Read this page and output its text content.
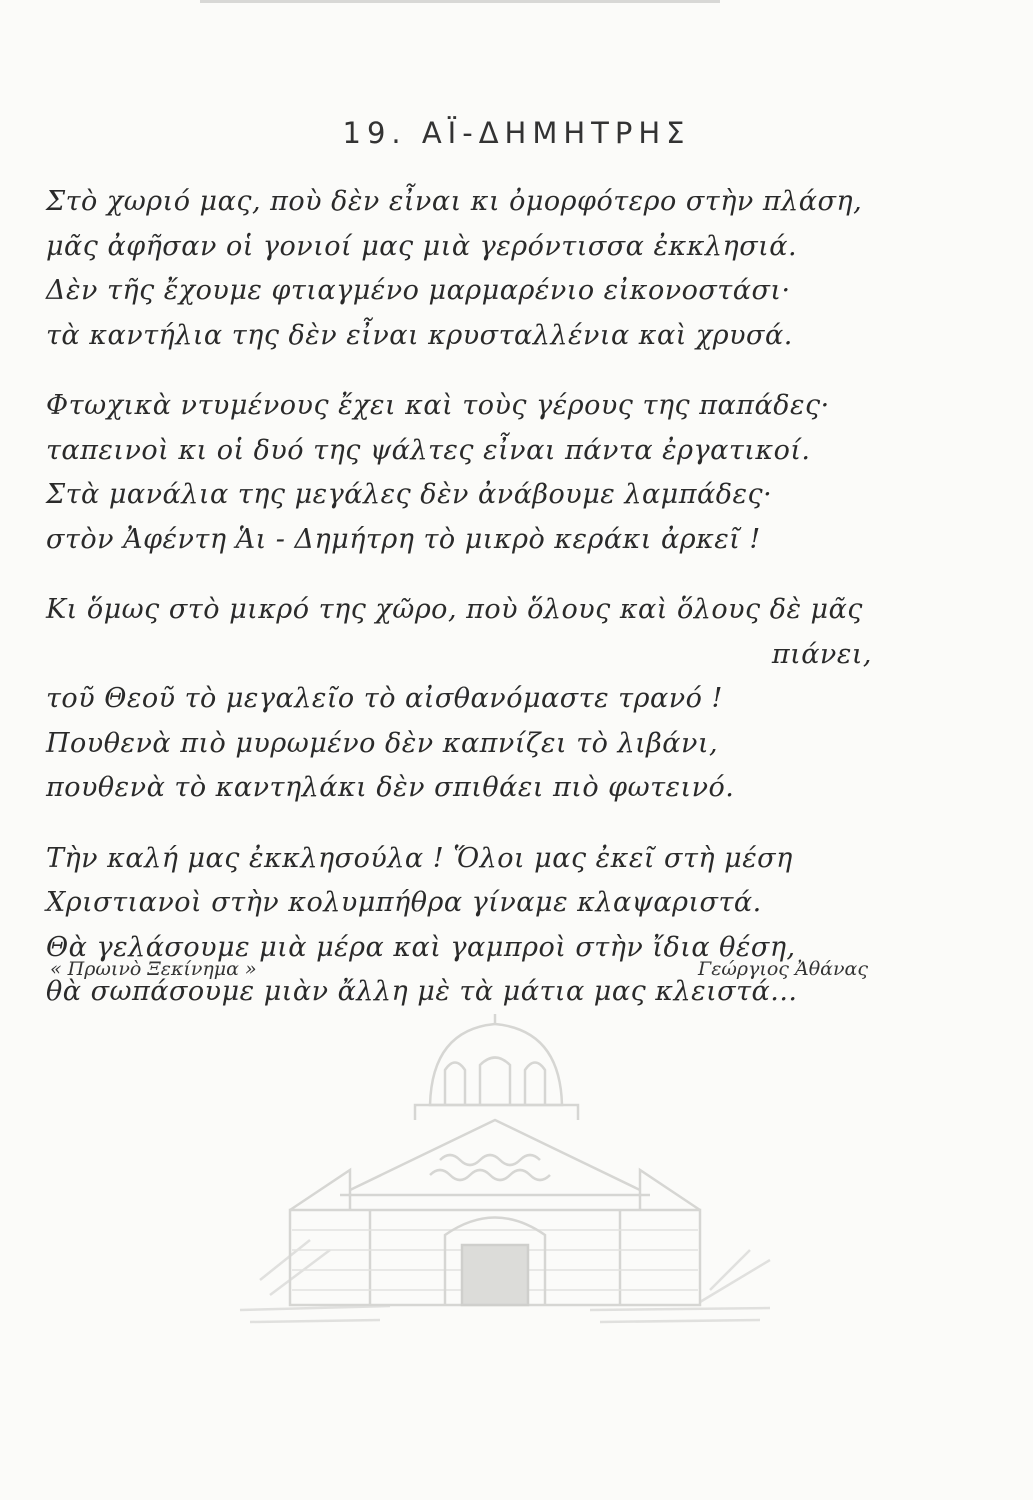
19. ΑΪ-ΔΗΜΗΤΡΗΣ
Στὸ χωριό μας, ποὺ δὲν εἶναι κι ὀμορφότερο στὴν πλάση,
μᾶς ἀφῆσαν οἱ γονιοί μας μιὰ γερόντισσα ἐκκλησιά.
Δὲν τῆς ἔχουμε φτιαγμένο μαρμαρένιο εἰκονοστάσι·
τὰ καντήλια της δὲν εἶναι κρυσταλλένια καὶ χρυσά.
Φτωχικὰ ντυμένους ἔχει καὶ τοὺς γέρους της παπάδες·
ταπεινοὶ κι οἱ δυό της ψάλτες εἶναι πάντα ἐργατικοί.
Στὰ μανάλια της μεγάλες δὲν ἀνάβουμε λαμπάδες·
στὸν Ἀφέντη Ἁι - Δημήτρη τὸ μικρὸ κεράκι ἀρκεῖ !
Κι ὅμως στὸ μικρό της χῶρο, ποὺ ὅλους καὶ ὅλους δὲ μᾶς
πιάνει,
τοῦ Θεοῦ τὸ μεγαλεῖο τὸ αἰσθανόμαστε τρανό !
Πουθενὰ πιὸ μυρωμένο δὲν καπνίζει τὸ λιβάνι,
πουθενὰ τὸ καντηλάκι δὲν σπιθάει πιὸ φωτεινό.
Τὴν καλή μας ἐκκλησούλα ! Ὅλοι μας ἐκεῖ στὴ μέση
Χριστιανοὶ στὴν κολυμπήθρα γίναμε κλαψαριστά.
Θὰ γελάσουμε μιὰ μέρα καὶ γαμπροὶ στὴν ἴδια θέση,
θὰ σωπάσουμε μιὰν ἄλλη μὲ τὰ μάτια μας κλειστά...
« Πρωινὸ Ξεκίνημα »	Γεώργιος Ἀθάνας
